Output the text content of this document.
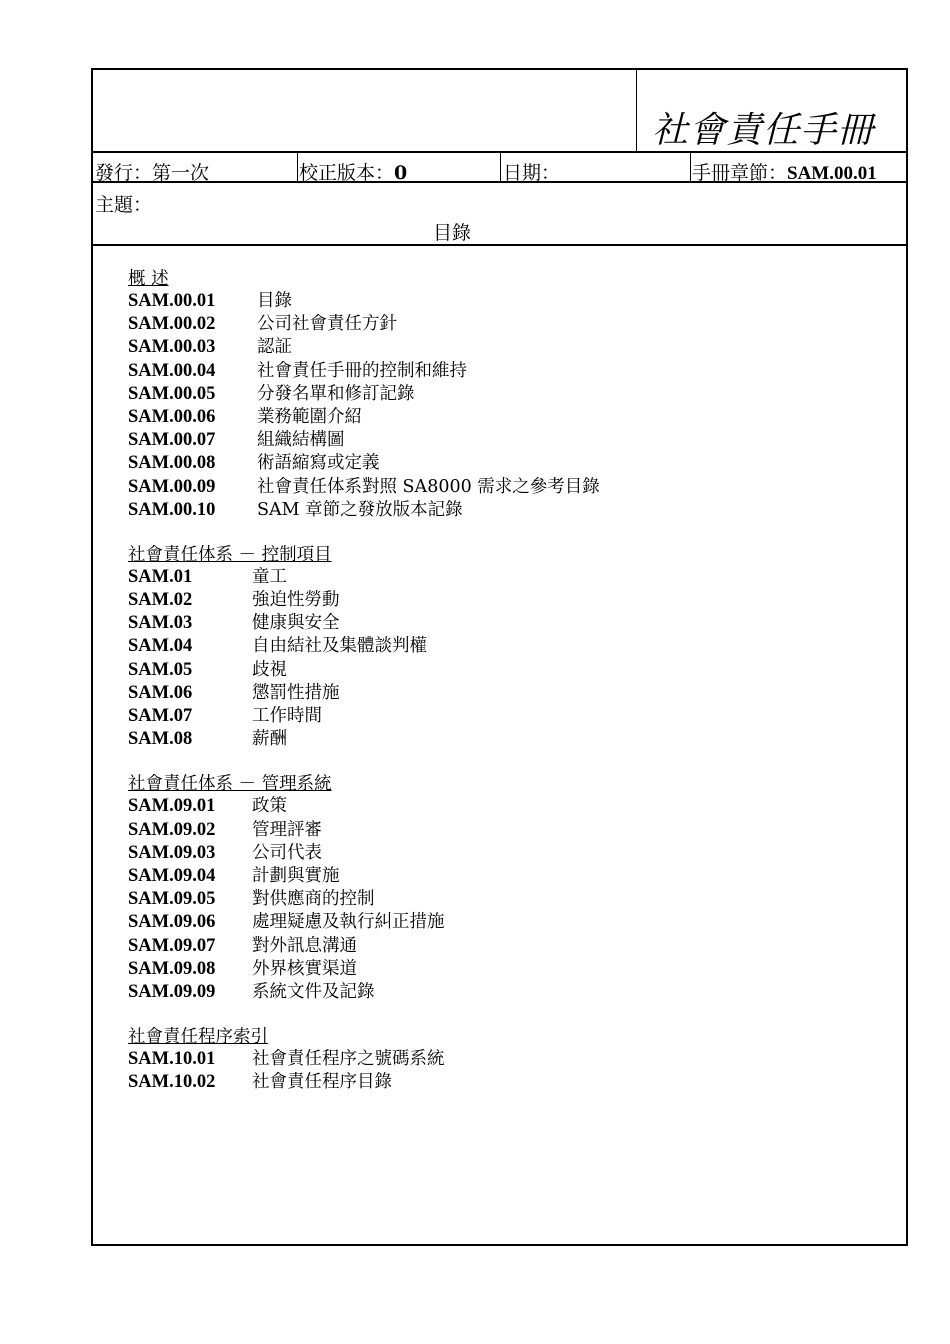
社會責任手冊
發行：第一次	校正版本：0	日期：	手冊章節：SAM.00.01
主題：
目錄
概 述
SAM.00.01 目錄
SAM.00.02 公司社會責任方針
SAM.00.03 認証
SAM.00.04 社會責任手冊的控制和維持
SAM.00.05 分發名單和修訂記錄
SAM.00.06 業務範圍介紹
SAM.00.07 組織結構圖
SAM.00.08 術語縮寫或定義
SAM.00.09 社會責任体系對照 SA8000 需求之參考目錄
SAM.00.10 SAM 章節之發放版本記錄
社會責任体系 － 控制項目
SAM.01	童工
SAM.02	強迫性勞動
SAM.03	健康與安全
SAM.04	自由結社及集體談判權
SAM.05	歧視
SAM.06	懲罰性措施
SAM.07	工作時間
SAM.08	薪酬
社會責任体系 － 管理系統
SAM.09.01 政策
SAM.09.02 管理評審
SAM.09.03 公司代表
SAM.09.04 計劃與實施
SAM.09.05 對供應商的控制
SAM.09.06 處理疑慮及執行糾正措施
SAM.09.07 對外訊息溝通
SAM.09.08 外界核實渠道
SAM.09.09 系統文件及記錄
社會責任程序索引
SAM.10.01 社會責任程序之號碼系統
SAM.10.02 社會責任程序目錄
